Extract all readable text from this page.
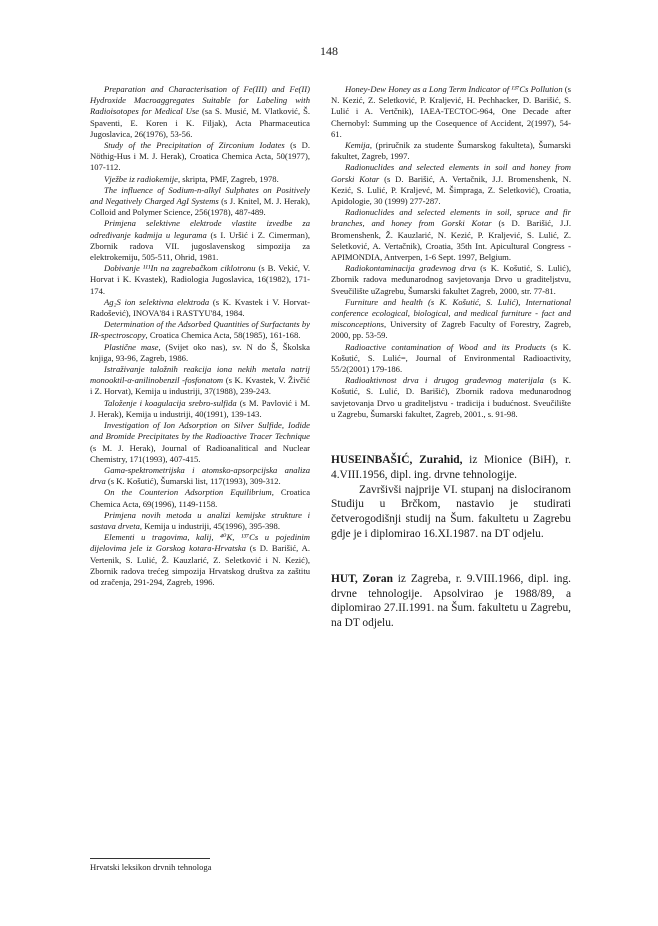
148

Preparation and Characterisation of Fe(III) and Fe(II) Hydroxide Macroaggregates Suitable for Labeling with Radioisotopes for Medical Use (sa S. Musić, M. Vlatković, Š. Spaventi, E. Koren i K. Filjak), Acta Pharmaceutica Jugoslavica, 26(1976), 53-56.

Study of the Precipitation of Zirconium Iodates (s D. Nöthig-Hus i M. J. Herak), Croatica Chemica Acta, 50(1977), 107-112.

Vježbe iz radiokemije, skripta, PMF, Zagreb, 1978.

The influence of Sodium-n-alkyl Sulphates on Positively and Negatively Charged AgI Systems (s J. Knitel, M. J. Herak), Colloid and Polymer Science, 256(1978), 487-489.

Primjena selektivne elektrode vlastite izvedbe za određivanje kadmija u legurama (s I. Uršić i Z. Cimerman), Zbornik radova VII. jugoslavenskog simpozija za elektrokemiju, 505-511, Ohrid, 1981.

Dobivanje ¹¹¹In na zagrebačkom ciklotronu (s B. Vekić, V. Horvat i K. Kvastek), Radiologia Jugoslavica, 16(1982), 171-174.

Ag₂S ion selektivna elektroda (s K. Kvastek i V. Horvat-Radošević), INOVA'84 i RASTYU'84, 1984.

Determination of the Adsorbed Quantities of Surfactants by IR-spectroscopy, Croatica Chemica Acta, 58(1985), 161-168.

Plastične mase, (Svijet oko nas), sv. N do Š, Školska knjiga, 93-96, Zagreb, 1986.

Istraživanje taložnih reakcija iona nekih metala natrij monooktil-α-anilinobenzil -fosfonatom (s K. Kvastek, V. Živčić i Z. Horvat), Kemija u industriji, 37(1988), 239-243.

Taloženje i koagulacija srebro-sulfida (s M. Pavlović i M. J. Herak), Kemija u industriji, 40(1991), 139-143.

Investigation of Ion Adsorption on Silver Sulfide, Iodide and Bromide Precipitates by the Radioactive Tracer Technique (s M. J. Herak), Journal of Radioanalitical and Nuclear Chemistry, 171(1993), 407-415.

Gama-spektrometrijska i atomsko-apsorpcijska analiza drva (s K. Košutić), Šumarski list, 117(1993), 309-312.

On the Counterion Adsorption Equilibrium, Croatica Chemica Acta, 69(1996), 1149-1158.

Primjena novih metoda u analizi kemijske strukture i sastava drveta, Kemija u industriji, 45(1996), 395-398.

Elementi u tragovima, kalij, ⁴⁰K, ¹³⁷Cs u pojedinim dijelovima jele iz Gorskog kotara-Hrvatska (s D. Barišić, A. Vertenik, S. Lulić, Ž. Kauzlarić, Z. Seletković i N. Kezić), Zbornik radova trećeg simpozija Hrvatskog društva za zaštitu od zračenja, 291-294, Zagreb, 1996.

Honey-Dew Honey as a Long Term Indicator of ¹³⁷Cs Pollution (s N. Kezić, Z. Seletković, P. Kraljević, H. Pechhacker, D. Barišić, S. Lulić i A. Vertčnik), IAEA-TECTOC-964, One Decade after Chernobyl: Summing up the Cosequence of Accident, 2(1997), 54-61.

Kemija, (priručnik za studente Šumarskog fakulteta), Šumarski fakultet, Zagreb, 1997.

Radionuclides and selected elements in soil and honey from Gorski Kotar (s D. Barišić, A. Vertačnik, J.J. Bromenshenk, N. Kezić, S. Lulić, P. Kraljevć, M. Šimpraga, Z. Seletković), Croatia, Apidologie, 30 (1999) 277-287.

Radionuclides and selected elements in soil, spruce and fir branches, and honey from Gorski Kotar (s D. Barišić, J.J. Bromenshenk, Ž. Kauzlarić, N. Kezić, P. Kraljević, S. Lulić, Z. Seletković, A. Vertačnik), Croatia, 35th Int. Apicultural Congress - APIMONDIA, Antverpen, 1-6 Sept. 1997, Belgium.

Radiokontaminacija građevnog drva (s K. Košutić, S. Lulić), Zbornik radova međunarodnog savjetovanja Drvo u graditeljstvu, Sveučilište uZagrebu, Šumarski fakultet Zagreb, 2000, str. 77-81.

Furniture and health (s K. Košutić, S. Lulić), International conference ecological, biological, and medical furniture - fact and misconceptions, University of Zagreb Faculty of Forestry, Zagreb, 2000, pp. 53-59.

Radioactive contamination of Wood and its Products (s K. Košutić, S. Lulić=, Journal of Environmental Radioactivity, 55/2(2001) 179-186.

Radioaktivnost drva i drugog građevnog materijala (s K. Košutić, S. Lulić, D. Barišić), Zbornik radova međunarodnog savjetovanja Drvo u graditeljstvu - tradicija i budućnost. Sveučilište u Zagrebu, Šumarski fakultet, Zagreb, 2001., s. 91-98.

HUSEINBAŠIĆ, Zurahid, iz Mionice (BiH), r. 4.VIII.1956, dipl. ing. drvne tehnologije.

Završivši najprije VI. stupanj na dislociranom Studiju u Brčkom, nastavio je studirati četverogodišnji studij na Šum. fakultetu u Zagrebu gdje je i diplomirao 16.XI.1987. na DT odjelu.

HUT, Zoran iz Zagreba, r. 9.VIII.1966, dipl. ing. drvne tehnologije. Apsolvirao je 1988/89, a diplomirao 27.II.1991. na Šum. fakultetu u Zagrebu, na DT odjelu.

Hrvatski leksikon drvnih tehnologa
